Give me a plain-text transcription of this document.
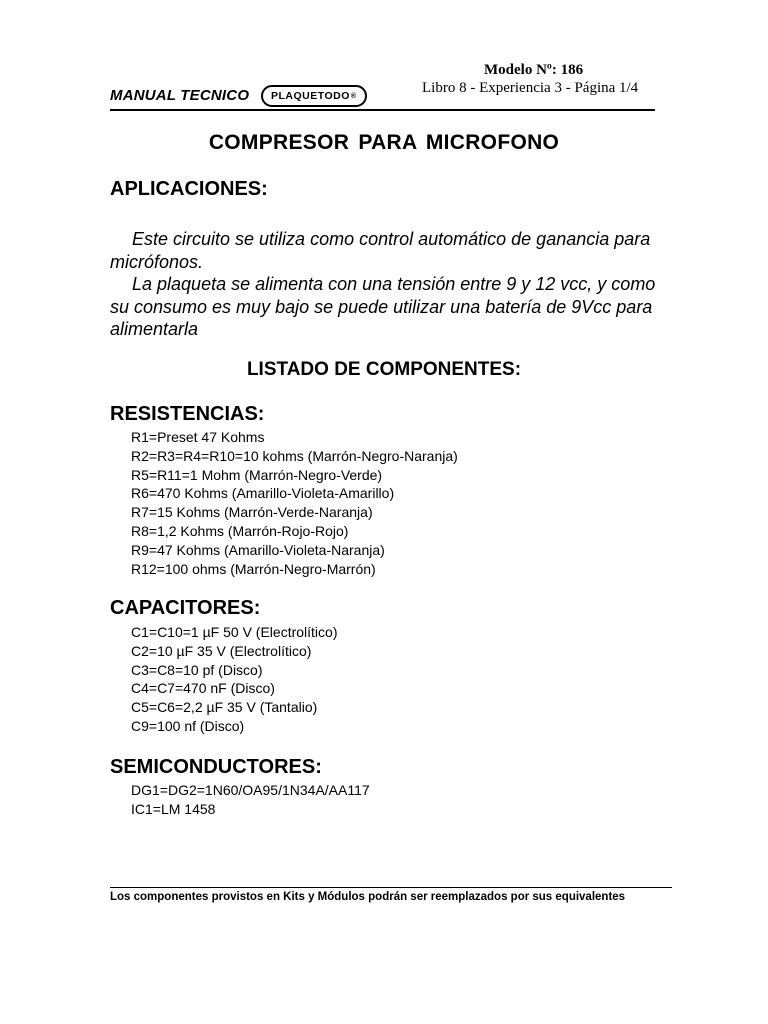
Modelo Nº: 186
Libro 8 - Experiencia 3 - Página 1/4
MANUAL TECNICO PLAQUETODO ®
COMPRESOR PARA MICROFONO
APLICACIONES:

Este circuito se utiliza como control automático de ganancia para micrófonos.

La plaqueta se alimenta con una tensión entre 9 y 12 vcc, y como su consumo es muy bajo se puede utilizar una batería de 9Vcc para alimentarla

LISTADO DE COMPONENTES:
RESISTENCIAS:
R1=Preset 47 Kohms
R2=R3=R4=R10=10 kohms (Marrón-Negro-Naranja)
R5=R11=1 Mohm (Marrón-Negro-Verde)
R6=470 Kohms (Amarillo-Violeta-Amarillo)
R7=15 Kohms (Marrón-Verde-Naranja)
R8=1,2 Kohms (Marrón-Rojo-Rojo)
R9=47 Kohms (Amarillo-Violeta-Naranja)
R12=100 ohms (Marrón-Negro-Marrón)
CAPACITORES:
C1=C10=1 µF 50 V (Electrolítico)
C2=10 µF 35 V (Electrolítico)
C3=C8=10 pf (Disco)
C4=C7=470 nF (Disco)
C5=C6=2,2 µF 35 V (Tantalio)
C9=100 nf (Disco)
SEMICONDUCTORES:
DG1=DG2=1N60/OA95/1N34A/AA117
IC1=LM 1458
Los componentes provistos en Kits y Módulos podrán ser reemplazados por sus equivalentes
